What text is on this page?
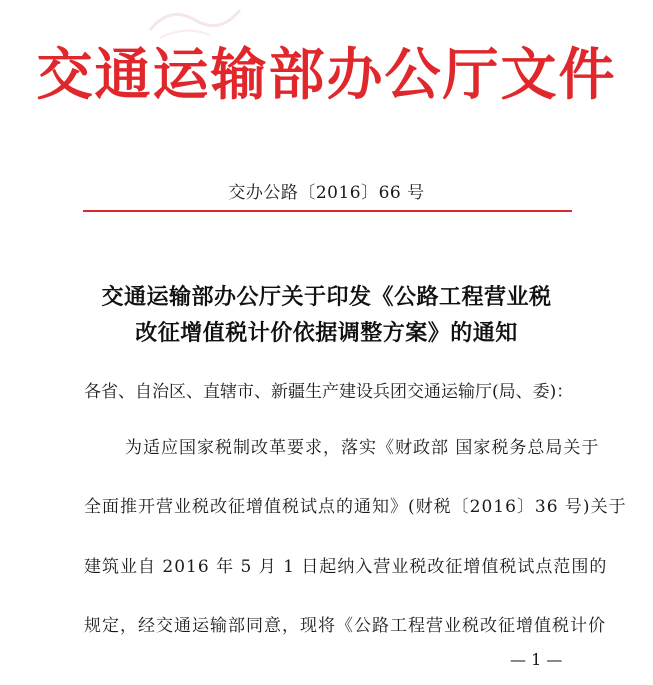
交通运输部办公厅文件
交办公路〔2016〕66 号
交通运输部办公厅关于印发《公路工程营业税
改征增值税计价依据调整方案》的通知
各省、自治区、直辖市、新疆生产建设兵团交通运输厅(局、委)：
为适应国家税制改革要求，落实《财政部 国家税务总局关于
全面推开营业税改征增值税试点的通知》(财税〔2016〕36 号)关于
建筑业自 2016 年 5 月 1 日起纳入营业税改征增值税试点范围的
规定，经交通运输部同意，现将《公路工程营业税改征增值税计价
— 1 —
